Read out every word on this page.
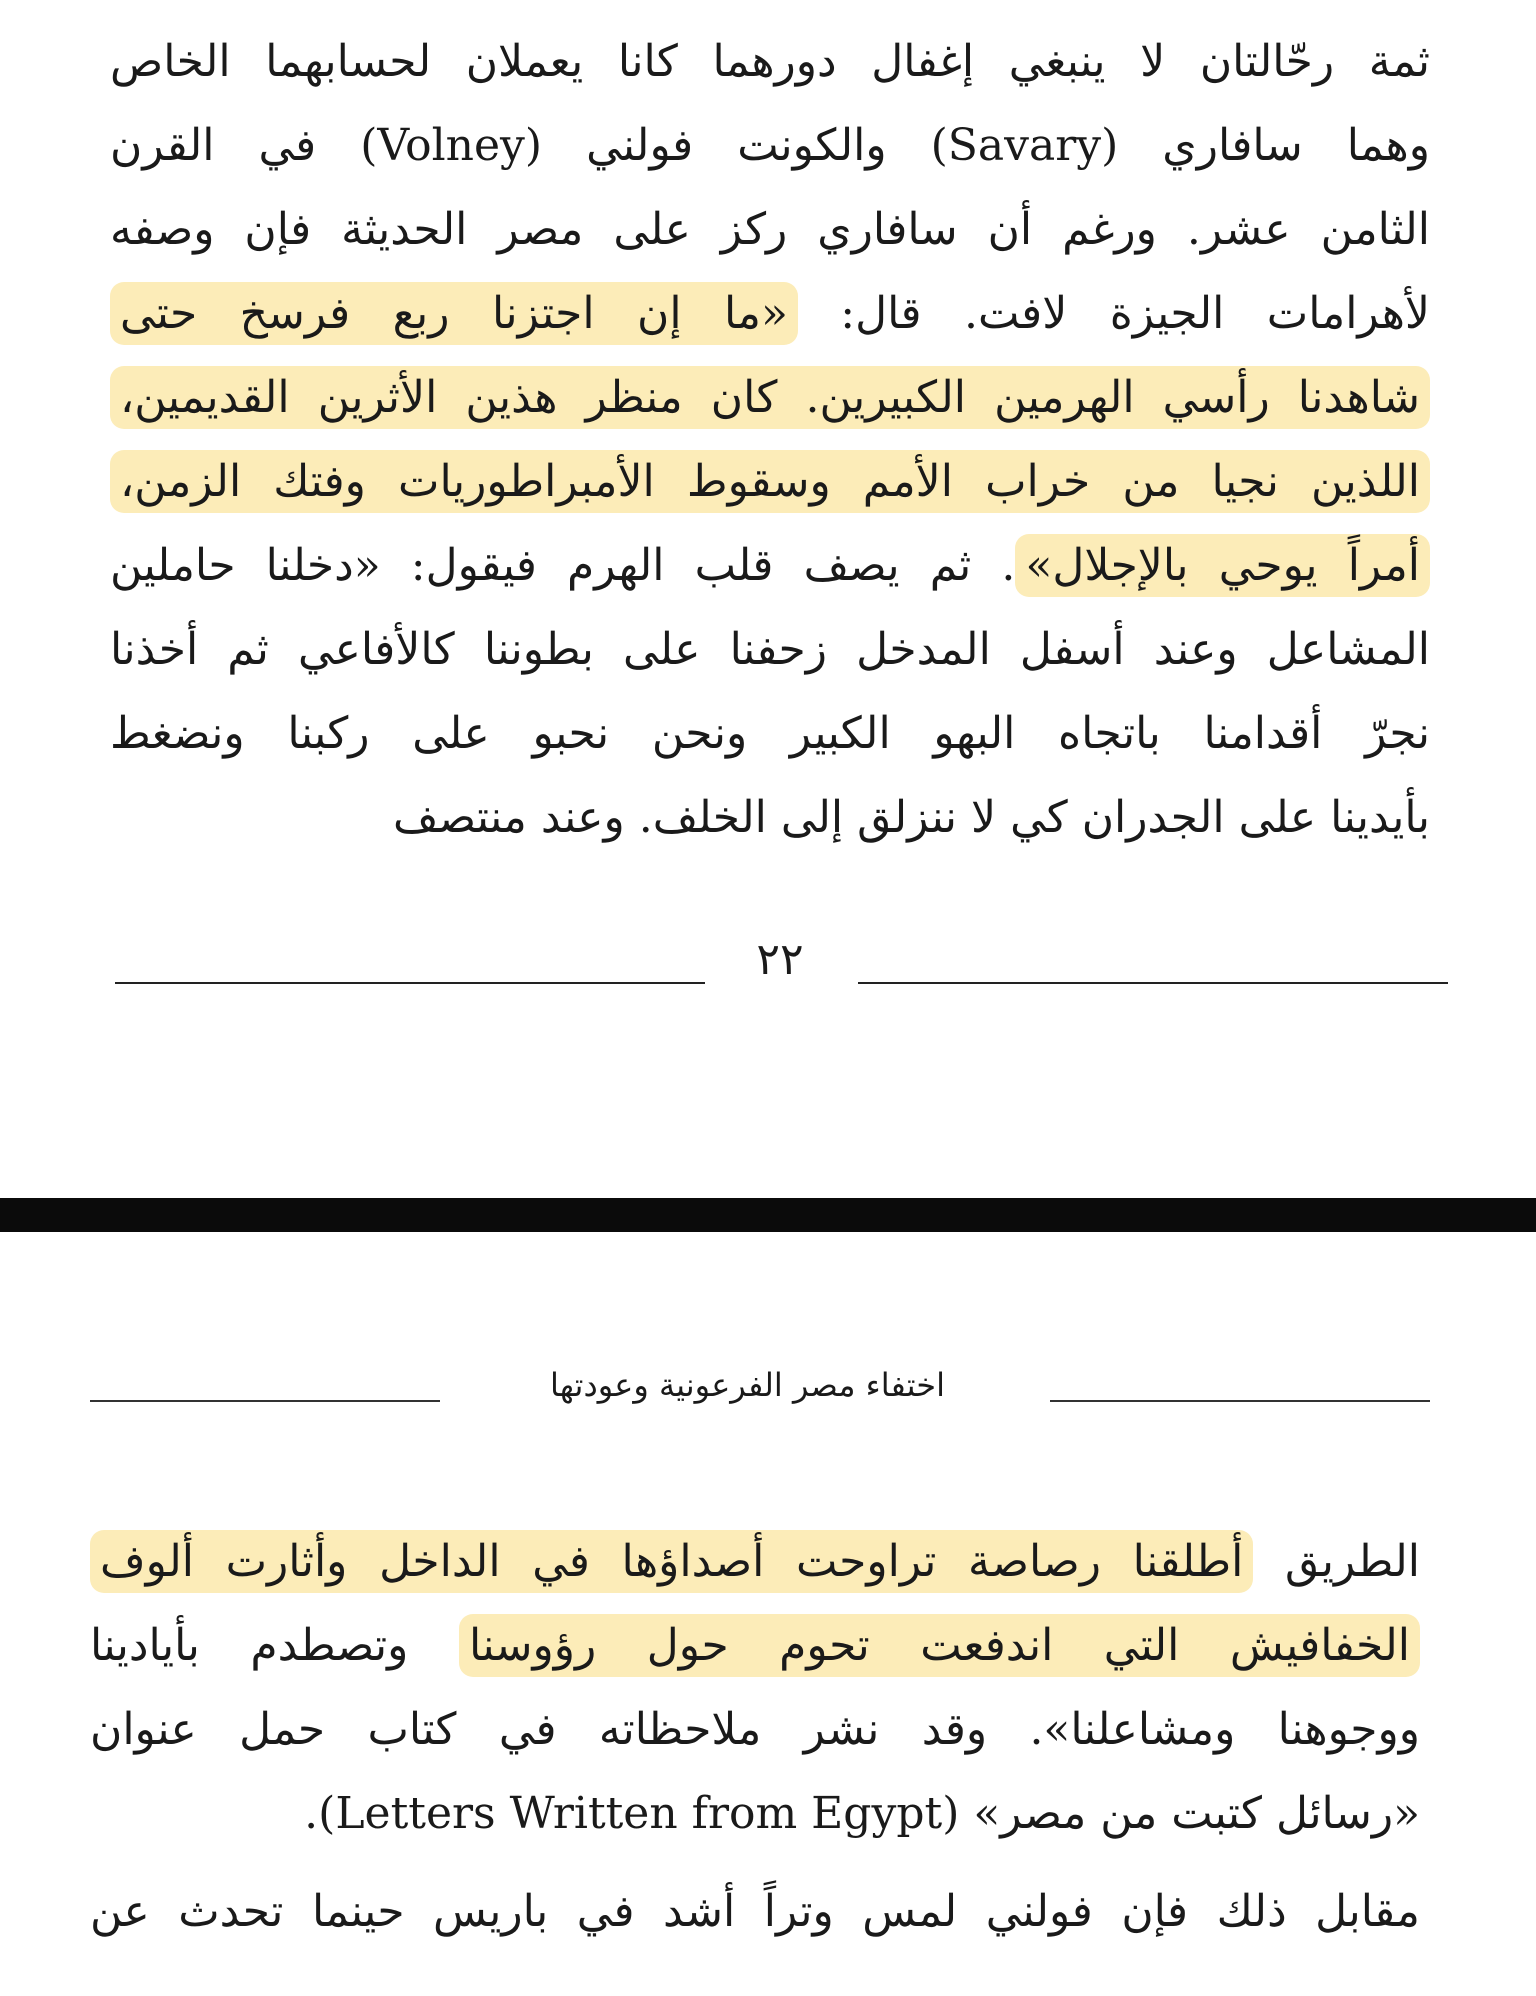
ثمة رحّالتان لا ينبغي إغفال دورهما كانا يعملان لحسابهما الخاص
وهما سافاري (Savary) والكونت فولني (Volney) في القرن
الثامن عشر. ورغم أن سافاري ركز على مصر الحديثة فإن وصفه
لأهرامات الجيزة لافت. قال: «ما إن اجتزنا ربع فرسخ حتى
شاهدنا رأسي الهرمين الكبيرين. كان منظر هذين الأثرين القديمين،
اللذين نجيا من خراب الأمم وسقوط الأمبراطوريات وفتك الزمن،
أمراً يوحي بالإجلال». ثم يصف قلب الهرم فيقول: «دخلنا حاملين
المشاعل وعند أسفل المدخل زحفنا على بطوننا كالأفاعي ثم أخذنا
نجرّ أقدامنا باتجاه البهو الكبير ونحن نحبو على ركبنا ونضغط
بأيدينا على الجدران كي لا ننزلق إلى الخلف. وعند منتصف

٢٢
اختفاء مصر الفرعونية وعودتها

الطريق أطلقنا رصاصة تراوحت أصداؤها في الداخل وأثارت ألوف
الخفافيش التي اندفعت تحوم حول رؤوسنا وتصطدم بأيادينا
ووجوهنا ومشاعلنا». وقد نشر ملاحظاته في كتاب حمل عنوان
«رسائل كتبت من مصر» (Letters Written from Egypt).
مقابل ذلك فإن فولني لمس وتراً أشد في باريس حينما تحدث عن
